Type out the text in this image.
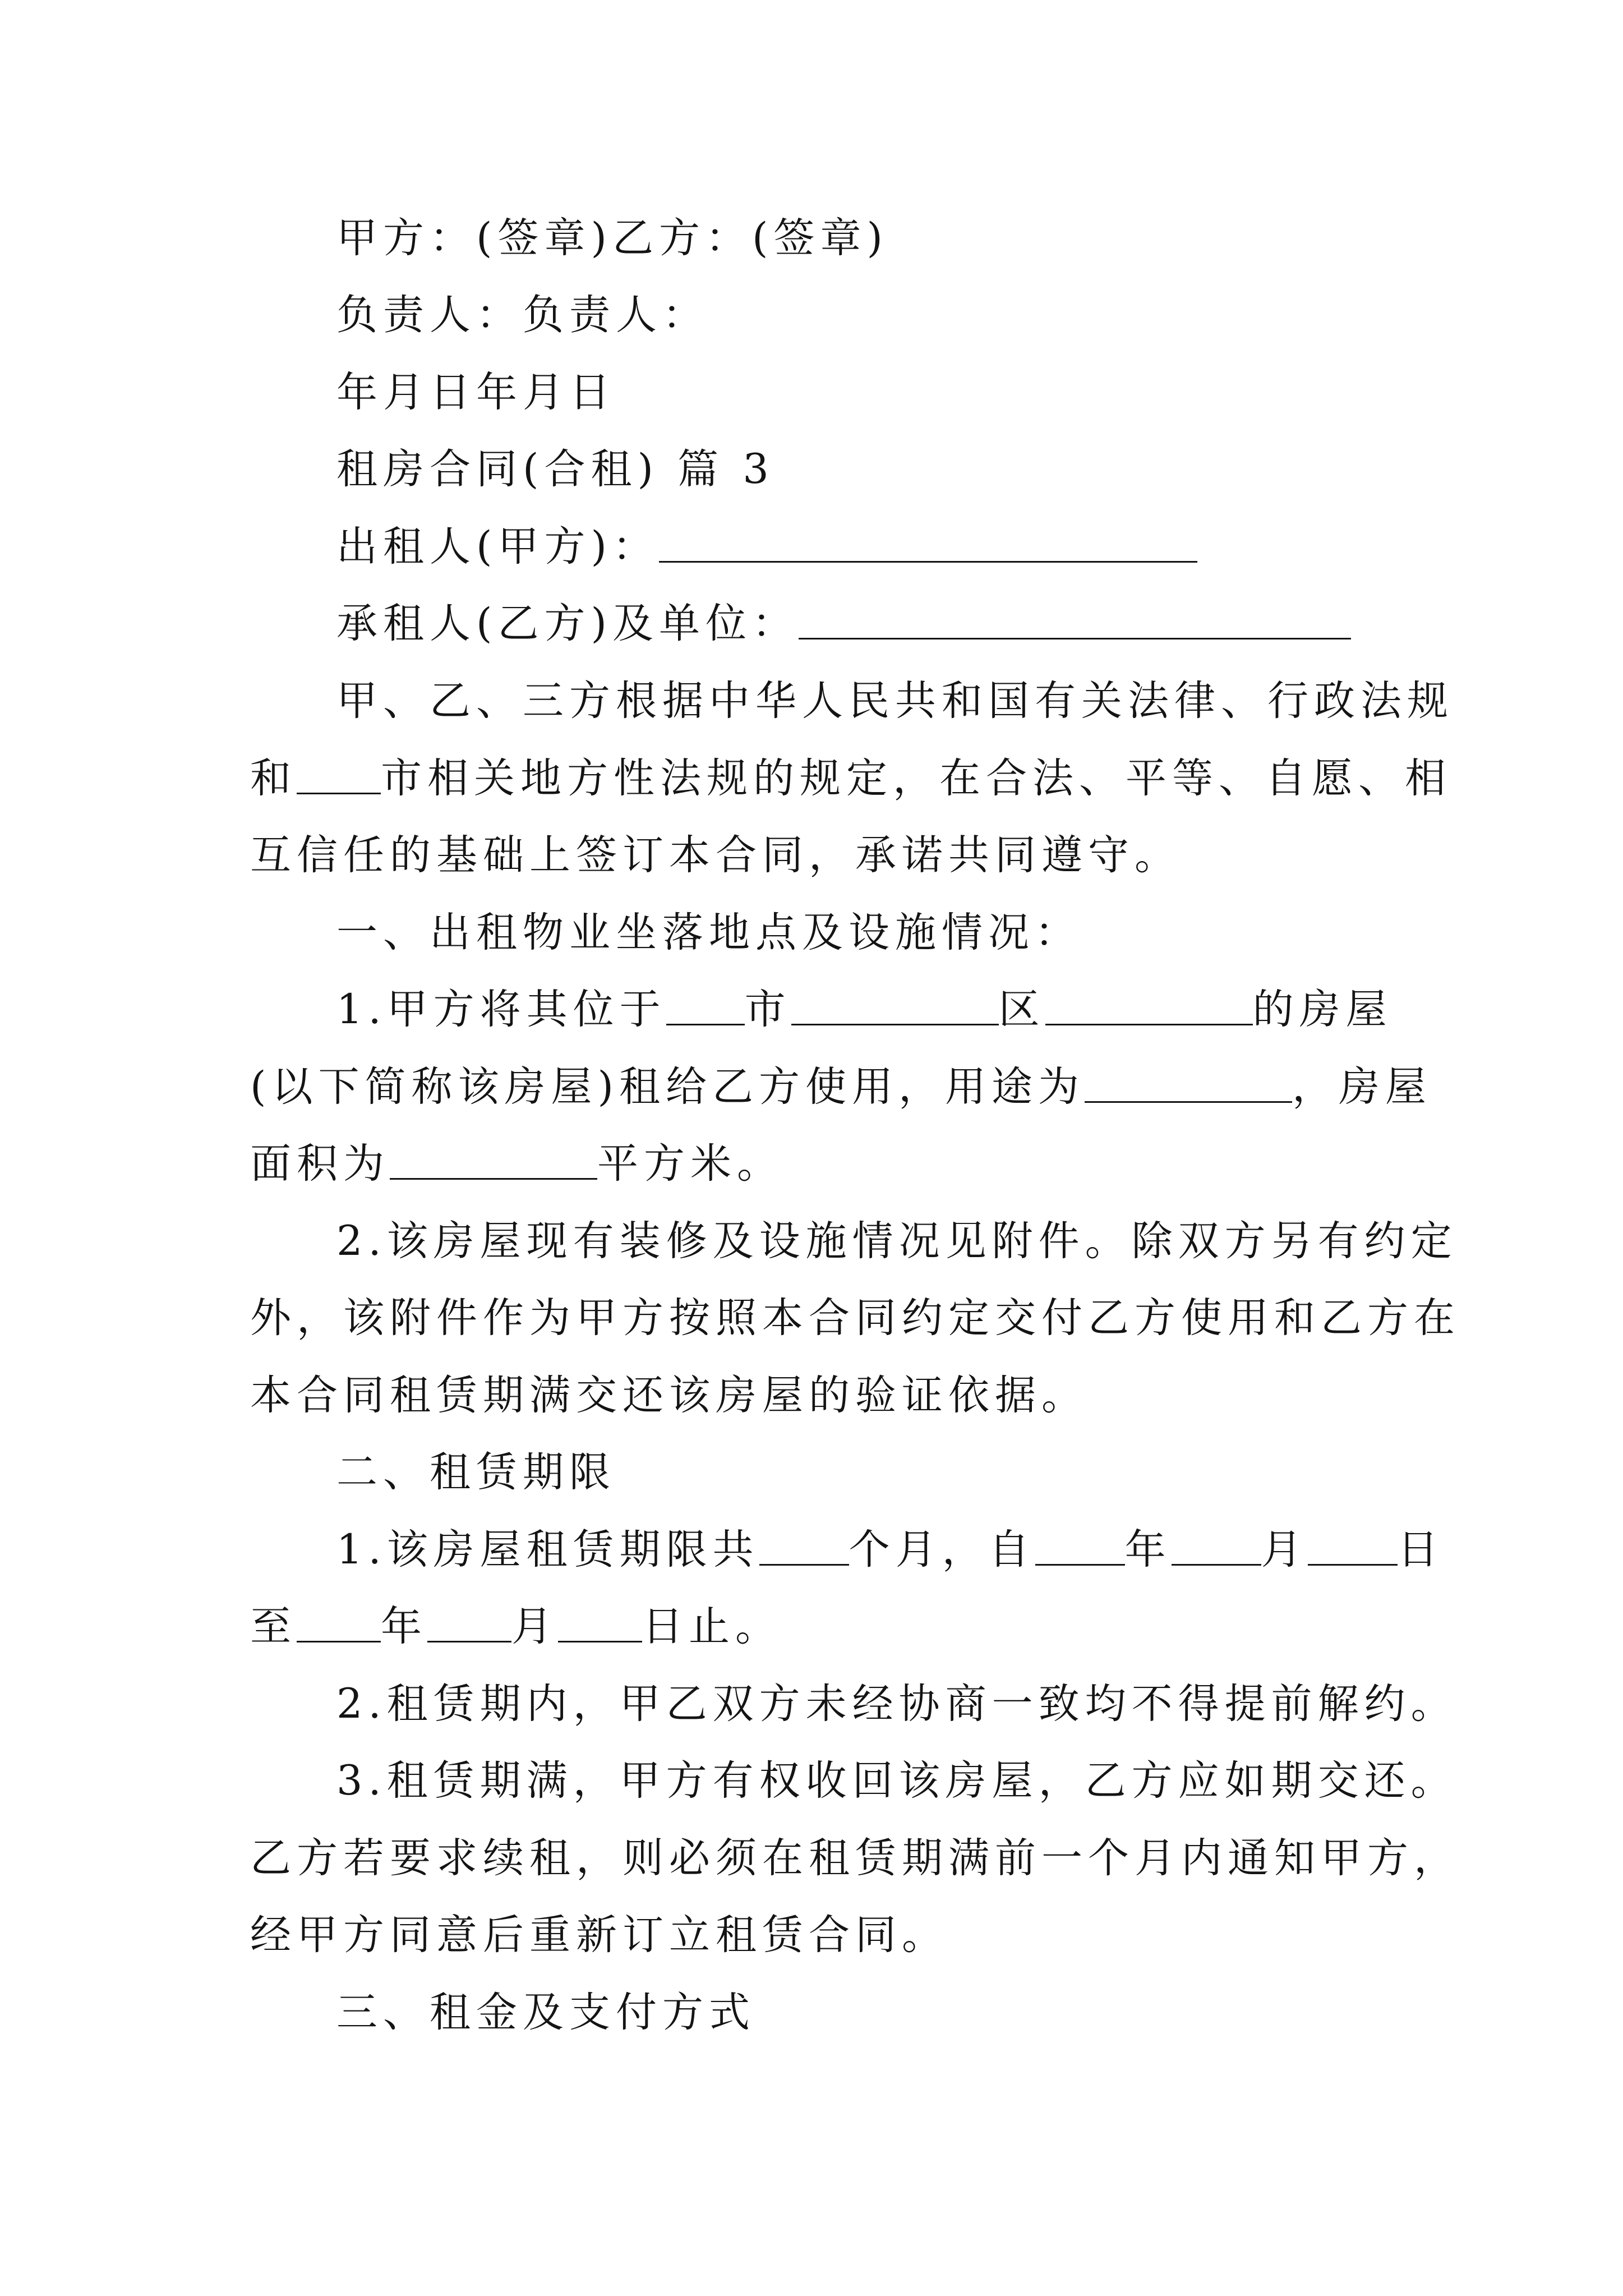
甲方：(签章)乙方：(签章)
负责人：负责人：
年月日年月日
租房合同(合租) 篇 3
出租人(甲方)：
承租人(乙方)及单位：
甲、乙、三方根据中华人民共和国有关法律、行政法规
和 市相关地方性法规的规定，在合法、平等、自愿、相
互信任的基础上签订本合同，承诺共同遵守。
一、出租物业坐落地点及设施情况：
1.甲方将其位于 市	区	的房屋
(以下简称该房屋)租给乙方使用，用途为	，房屋
面积为	平方米。
2.该房屋现有装修及设施情况见附件。除双方另有约定
外，该附件作为甲方按照本合同约定交付乙方使用和乙方在
本合同租赁期满交还该房屋的验证依据。
二、租赁期限
1.该房屋租赁期限共 个月，自 年 月 日
至 年 月 日止。
2.租赁期内，甲乙双方未经协商一致均不得提前解约。
3.租赁期满，甲方有权收回该房屋，乙方应如期交还。
乙方若要求续租，则必须在租赁期满前一个月内通知甲方，
经甲方同意后重新订立租赁合同。
三、租金及支付方式
